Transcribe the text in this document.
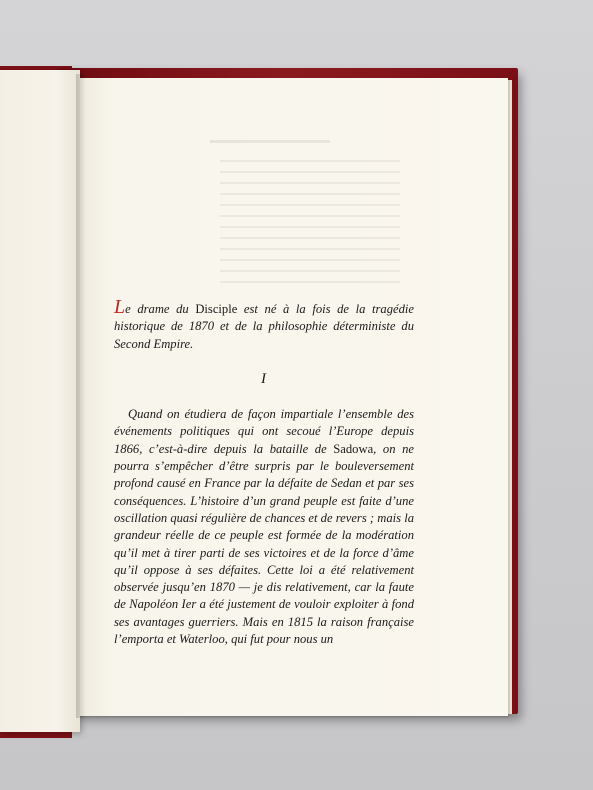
Le drame du Disciple est né à la fois de la tragédie historique de 1870 et de la philosophie déterministe du Second Empire.

I

Quand on étudiera de façon impartiale l’ensemble des événements politiques qui ont secoué l’Europe depuis 1866, c’est-à-dire depuis la bataille de Sadowa, on ne pourra s’empêcher d’être surpris par le bouleversement profond causé en France par la défaite de Sedan et par ses conséquences. L’histoire d’un grand peuple est faite d’une oscillation quasi régulière de chances et de revers ; mais la grandeur réelle de ce peuple est formée de la modération qu’il met à tirer parti de ses victoires et de la force d’âme qu’il oppose à ses défaites. Cette loi a été relativement observée jusqu’en 1870 — je dis relativement, car la faute de Napoléon Ier a été justement de vouloir exploiter à fond ses avantages guerriers. Mais en 1815 la raison française l’emporta et Waterloo, qui fut pour nous un
